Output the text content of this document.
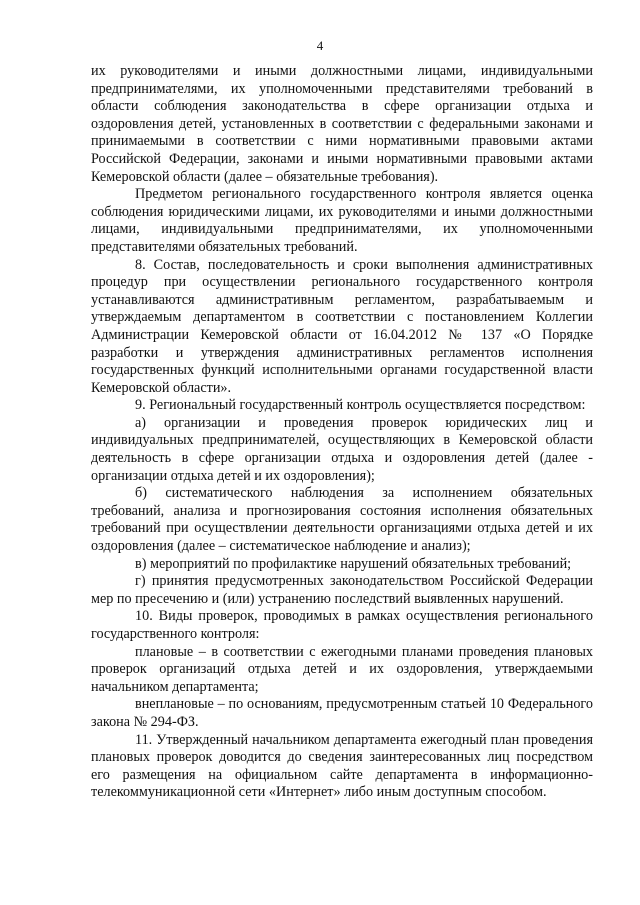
4

их руководителями и иными должностными лицами, индивидуальными предпринимателями, их уполномоченными представителями требований в области соблюдения законодательства в сфере организации отдыха и оздоровления детей, установленных в соответствии с федеральными законами и принимаемыми в соответствии с ними нормативными правовыми актами Российской Федерации, законами и иными нормативными правовыми актами Кемеровской области (далее – обязательные требования).

Предметом регионального государственного контроля является оценка соблюдения юридическими лицами, их руководителями и иными должностными лицами, индивидуальными предпринимателями, их уполномоченными представителями обязательных требований.

8. Состав, последовательность и сроки выполнения административных процедур при осуществлении регионального государственного контроля устанавливаются административным регламентом, разрабатываемым и утверждаемым департаментом в соответствии с постановлением Коллегии Администрации Кемеровской области от 16.04.2012 № 137 «О Порядке разработки и утверждения административных регламентов исполнения государственных функций исполнительными органами государственной власти Кемеровской области».

9. Региональный государственный контроль осуществляется посредством:

а) организации и проведения проверок юридических лиц и индивидуальных предпринимателей, осуществляющих в Кемеровской области деятельность в сфере организации отдыха и оздоровления детей (далее - организации отдыха детей и их оздоровления);

б) систематического наблюдения за исполнением обязательных требований, анализа и прогнозирования состояния исполнения обязательных требований при осуществлении деятельности организациями отдыха детей и их оздоровления (далее – систематическое наблюдение и анализ);

в) мероприятий по профилактике нарушений обязательных требований;

г) принятия предусмотренных законодательством Российской Федерации мер по пресечению и (или) устранению последствий выявленных нарушений.

10. Виды проверок, проводимых в рамках осуществления регионального государственного контроля:

плановые – в соответствии с ежегодными планами проведения плановых проверок организаций отдыха детей и их оздоровления, утверждаемыми начальником департамента;

внеплановые – по основаниям, предусмотренным статьей 10 Федерального закона № 294-ФЗ.

11. Утвержденный начальником департамента ежегодный план проведения плановых проверок доводится до сведения заинтересованных лиц посредством его размещения на официальном сайте департамента в информационно-телекоммуникационной сети «Интернет» либо иным доступным способом.
